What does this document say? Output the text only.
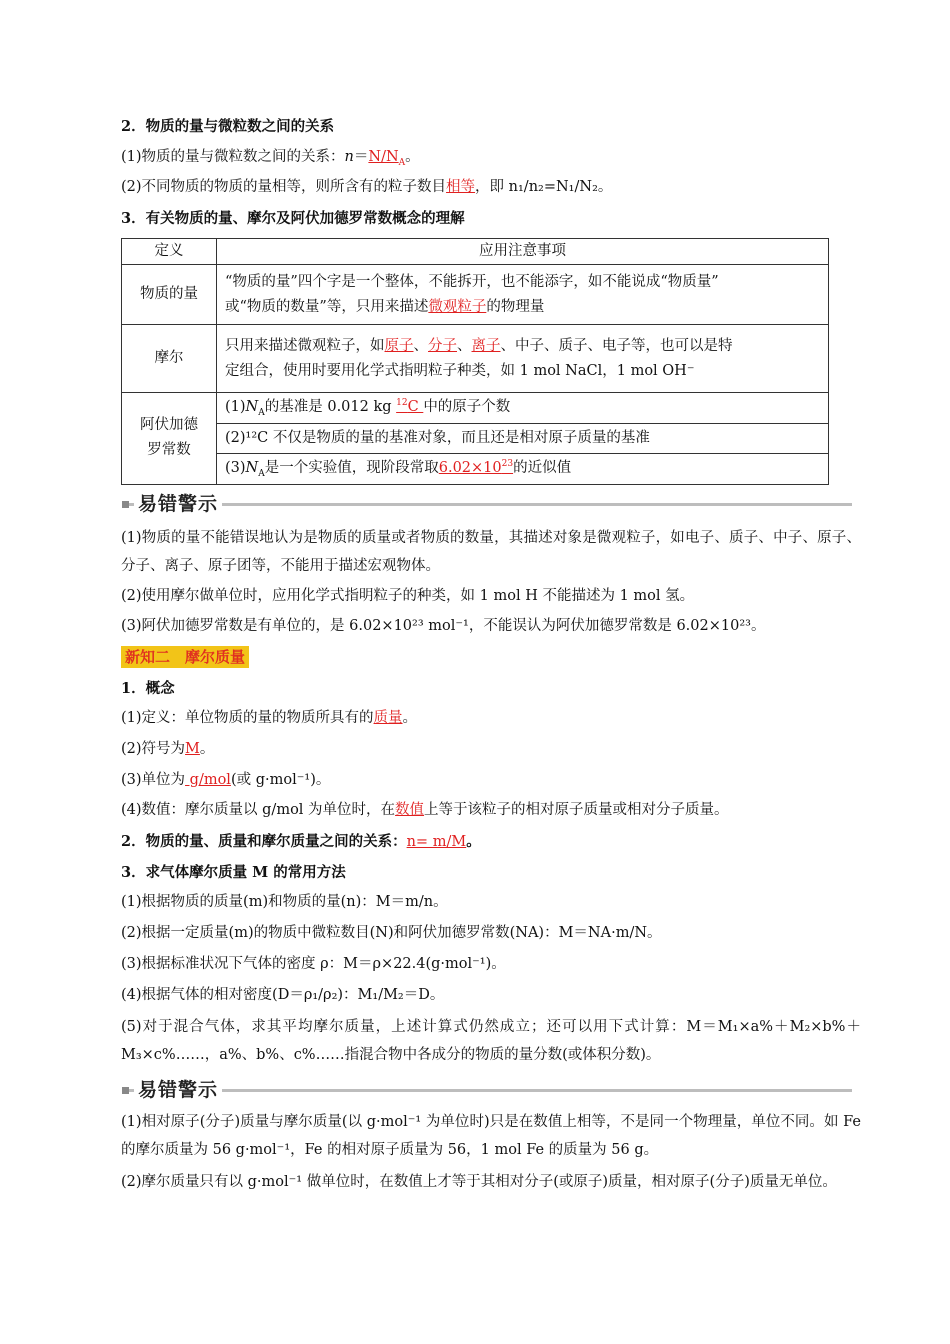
2．物质的量与微粒数之间的关系
(1)物质的量与微粒数之间的关系：$n=N/N_A$。
(2)不同物质的物质的量相等，则所含有的粒子数目相等，即 n₁/n₂=N₁/N₂。
3．有关物质的量、摩尔及阿伏加德罗常数概念的理解
定义	应用注意事项
物质的量	“物质的量”四个字是一个整体，不能拆开，也不能添字，如不能说成“物质量”
或“物质的数量”等，只用来描述微观粒子的物理量

摩尔	只用来描述微观粒子，如原子、分子、离子、中子、质子、电子等，也可以是特
定组合，使用时要用化学式指明粒子种类，如 1 mol NaCl，1 mol OH⁻

阿伏加德
罗常数	$(1)N_A$的基准是 0.012 kg $^{12}$C 中的原子个数
	(2)¹²C 不仅是物质的量的基准对象，而且还是相对原子质量的基准
	$(3)N_A$是一个实验值，现阶段常取$6.02\times 10^{23}$的近似值
易错警示
(1)物质的量不能错误地认为是物质的质量或者物质的数量，其描述对象是微观粒子，如电子、质子、中子、原子、分子、离子、原子团等，不能用于描述宏观物体。
(2)使用摩尔做单位时，应用化学式指明粒子的种类，如 1 mol H 不能描述为 1 mol 氢。
(3)阿伏加德罗常数是有单位的，是 6.02×10²³ mol⁻¹，不能误认为阿伏加德罗常数是 6.02×10²³。
新知二　摩尔质量
1．概念
(1)定义：单位物质的量的物质所具有的质量。
(2)符号为M。
(3)单位为 g/mol(或 g·mol⁻¹)。
(4)数值：摩尔质量以 g/mol 为单位时，在数值上等于该粒子的相对原子质量或相对分子质量。
2．物质的量、质量和摩尔质量之间的关系：n= m/M。
3．求气体摩尔质量 M 的常用方法
(1)根据物质的质量(m)和物质的量(n)：M＝m/n。
(2)根据一定质量(m)的物质中微粒数目(N)和阿伏加德罗常数(NA)：M＝NA·m/N。
(3)根据标准状况下气体的密度 ρ：M＝ρ×22.4(g·mol⁻¹)。
(4)根据气体的相对密度(D＝ρ₁/ρ₂)：M₁/M₂＝D。
(5)对于混合气体，求其平均摩尔质量，上述计算式仍然成立；还可以用下式计算：M＝M₁×a%＋M₂×b%＋M₃×c%……，a%、b%、c%……指混合物中各成分的物质的量分数(或体积分数)。
易错警示
(1)相对原子(分子)质量与摩尔质量(以 g·mol⁻¹ 为单位时)只是在数值上相等，不是同一个物理量，单位不同。如 Fe 的摩尔质量为 56 g·mol⁻¹，Fe 的相对原子质量为 56，1 mol Fe 的质量为 56 g。
(2)摩尔质量只有以 g·mol⁻¹ 做单位时，在数值上才等于其相对分子(或原子)质量，相对原子(分子)质量无单位。
